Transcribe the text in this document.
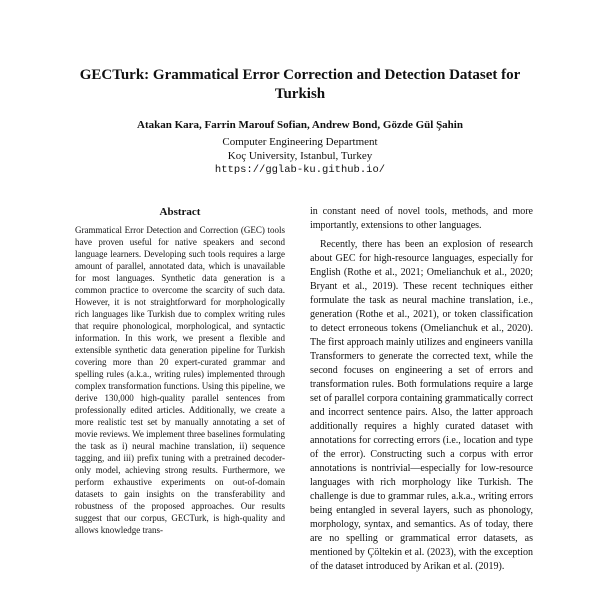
GECTurk: Grammatical Error Correction and Detection Dataset for Turkish
Atakan Kara, Farrin Marouf Sofian, Andrew Bond, Gözde Gül Şahin
Computer Engineering Department
Koç University, Istanbul, Turkey
https://gglab-ku.github.io/
Abstract
Grammatical Error Detection and Correction (GEC) tools have proven useful for native speakers and second language learners. Developing such tools requires a large amount of parallel, annotated data, which is unavailable for most languages. Synthetic data generation is a common practice to overcome the scarcity of such data. However, it is not straightforward for morphologically rich languages like Turkish due to complex writing rules that require phonological, morphological, and syntactic information. In this work, we present a flexible and extensible synthetic data generation pipeline for Turkish covering more than 20 expert-curated grammar and spelling rules (a.k.a., writing rules) implemented through complex transformation functions. Using this pipeline, we derive 130,000 high-quality parallel sentences from professionally edited articles. Additionally, we create a more realistic test set by manually annotating a set of movie reviews. We implement three baselines formulating the task as i) neural machine translation, ii) sequence tagging, and iii) prefix tuning with a pretrained decoder-only model, achieving strong results. Furthermore, we perform exhaustive experiments on out-of-domain datasets to gain insights on the transferability and robustness of the proposed approaches. Our results suggest that our corpus, GECTurk, is high-quality and allows knowledge trans-

in constant need of novel tools, methods, and more importantly, extensions to other languages.

Recently, there has been an explosion of research about GEC for high-resource languages, especially for English (Rothe et al., 2021; Omelianchuk et al., 2020; Bryant et al., 2019). These recent techniques either formulate the task as neural machine translation, i.e., generation (Rothe et al., 2021), or token classification to detect erroneous tokens (Omelianchuk et al., 2020). The first approach mainly utilizes and engineers vanilla Transformers to generate the corrected text, while the second focuses on engineering a set of errors and transformation rules. Both formulations require a large set of parallel corpora containing grammatically correct and incorrect sentence pairs. Also, the latter approach additionally requires a highly curated dataset with annotations for correcting errors (i.e., location and type of the error). Constructing such a corpus with error annotations is nontrivial—especially for low-resource languages with rich morphology like Turkish. The challenge is due to grammar rules, a.k.a., writing errors being entangled in several layers, such as phonology, morphology, syntax, and semantics. As of today, there are no spelling or grammatical error datasets, as mentioned by Çöltekin et al. (2023), with the exception of the dataset introduced by Arikan et al. (2019).
